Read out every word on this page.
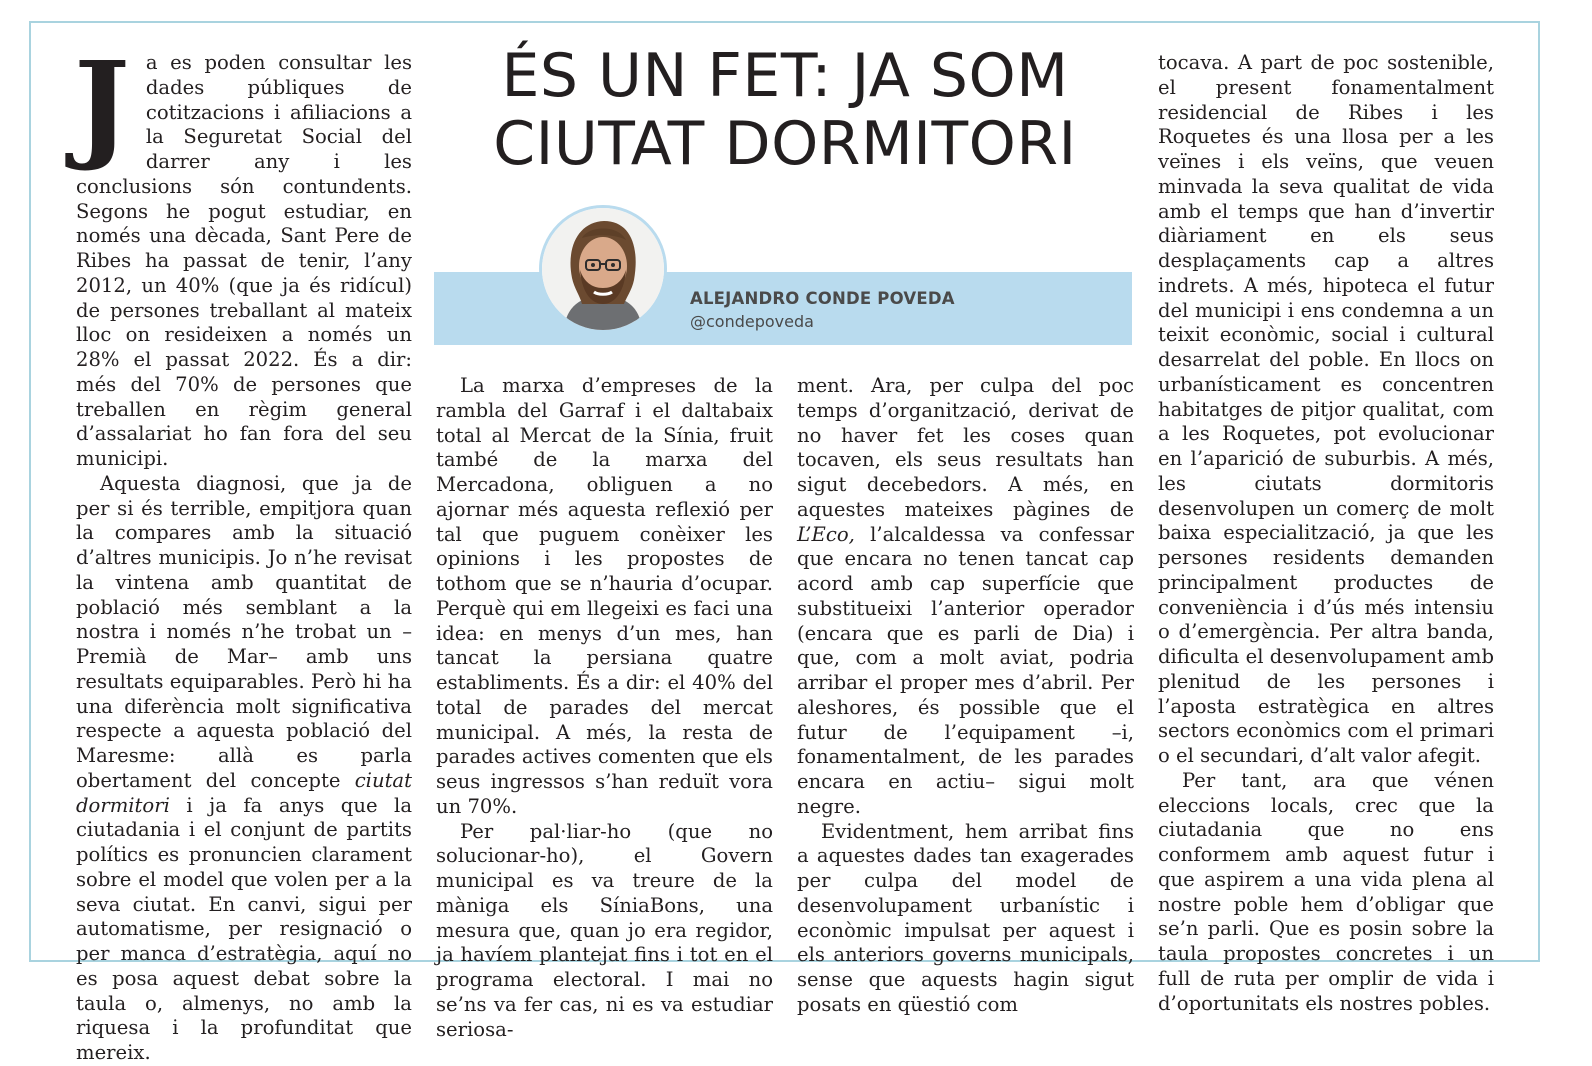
ÉS UN FET: JA SOM
CIUTAT DORMITORI
ALEJANDRO CONDE POVEDA
@condepoveda

Ja es poden consultar les dades públiques de cotitzacions i afiliacions a la Seguretat Social del darrer any i les conclusions són contundents. Segons he pogut estudiar, en només una dècada, Sant Pere de Ribes ha passat de tenir, l’any 2012, un 40% (que ja és ridícul) de persones treballant al mateix lloc on resideixen a només un 28% el passat 2022. És a dir: més del 70% de persones que treballen en règim general d’assalariat ho fan fora del seu municipi.

Aquesta diagnosi, que ja de per si és terrible, empitjora quan la compares amb la situació d’altres municipis. Jo n’he revisat la vintena amb quantitat de població més semblant a la nostra i només n’he trobat un –Premià de Mar– amb uns resultats equiparables. Però hi ha una diferència molt significativa respecte a aquesta població del Maresme: allà es parla obertament del concepte ciutat dormitori i ja fa anys que la ciutadania i el conjunt de partits polítics es pronuncien clarament sobre el model que volen per a la seva ciutat. En canvi, sigui per automatisme, per resignació o per manca d’estratègia, aquí no es posa aquest debat sobre la taula o, almenys, no amb la riquesa i la profunditat que mereix.

La marxa d’empreses de la rambla del Garraf i el daltabaix total al Mercat de la Sínia, fruit també de la marxa del Mercadona, obliguen a no ajornar més aquesta reflexió per tal que puguem conèixer les opinions i les propostes de tothom que se n’hauria d’ocupar. Perquè qui em llegeixi es faci una idea: en menys d’un mes, han tancat la persiana quatre establiments. És a dir: el 40% del total de parades del mercat municipal. A més, la resta de parades actives comenten que els seus ingressos s’han reduït vora un 70%.

Per pal·liar-ho (que no solucionar-ho), el Govern municipal es va treure de la màniga els SíniaBons, una mesura que, quan jo era regidor, ja havíem plantejat fins i tot en el programa electoral. I mai no se’ns va fer cas, ni es va estudiar seriosa-

ment. Ara, per culpa del poc temps d’organització, derivat de no haver fet les coses quan tocaven, els seus resultats han sigut decebedors. A més, en aquestes mateixes pàgines de L’Eco, l’alcaldessa va confessar que encara no tenen tancat cap acord amb cap superfície que substitueixi l’anterior operador (encara que es parli de Dia) i que, com a molt aviat, podria arribar el proper mes d’abril. Per aleshores, és possible que el futur de l’equipament –i, fonamentalment, de les parades encara en actiu– sigui molt negre.

Evidentment, hem arribat fins a aquestes dades tan exagerades per culpa del model de desenvolupament urbanístic i econòmic impulsat per aquest i els anteriors governs municipals, sense que aquests hagin sigut posats en qüestió com

tocava. A part de poc sostenible, el present fonamentalment residencial de Ribes i les Roquetes és una llosa per a les veïnes i els veïns, que veuen minvada la seva qualitat de vida amb el temps que han d’invertir diàriament en els seus desplaçaments cap a altres indrets. A més, hipoteca el futur del municipi i ens condemna a un teixit econòmic, social i cultural desarrelat del poble. En llocs on urbanísticament es concentren habitatges de pitjor qualitat, com a les Roquetes, pot evolucionar en l’aparició de suburbis. A més, les ciutats dormitoris desenvolupen un comerç de molt baixa especialització, ja que les persones residents demanden principalment productes de conveniència i d’ús més intensiu o d’emergència. Per altra banda, dificulta el desenvolupament amb plenitud de les persones i l’aposta estratègica en altres sectors econòmics com el primari o el secundari, d’alt valor afegit.

Per tant, ara que vénen eleccions locals, crec que la ciutadania que no ens conformem amb aquest futur i que aspirem a una vida plena al nostre poble hem d’obligar que se’n parli. Que es posin sobre la taula propostes concretes i un full de ruta per omplir de vida i d’oportunitats els nostres pobles.
